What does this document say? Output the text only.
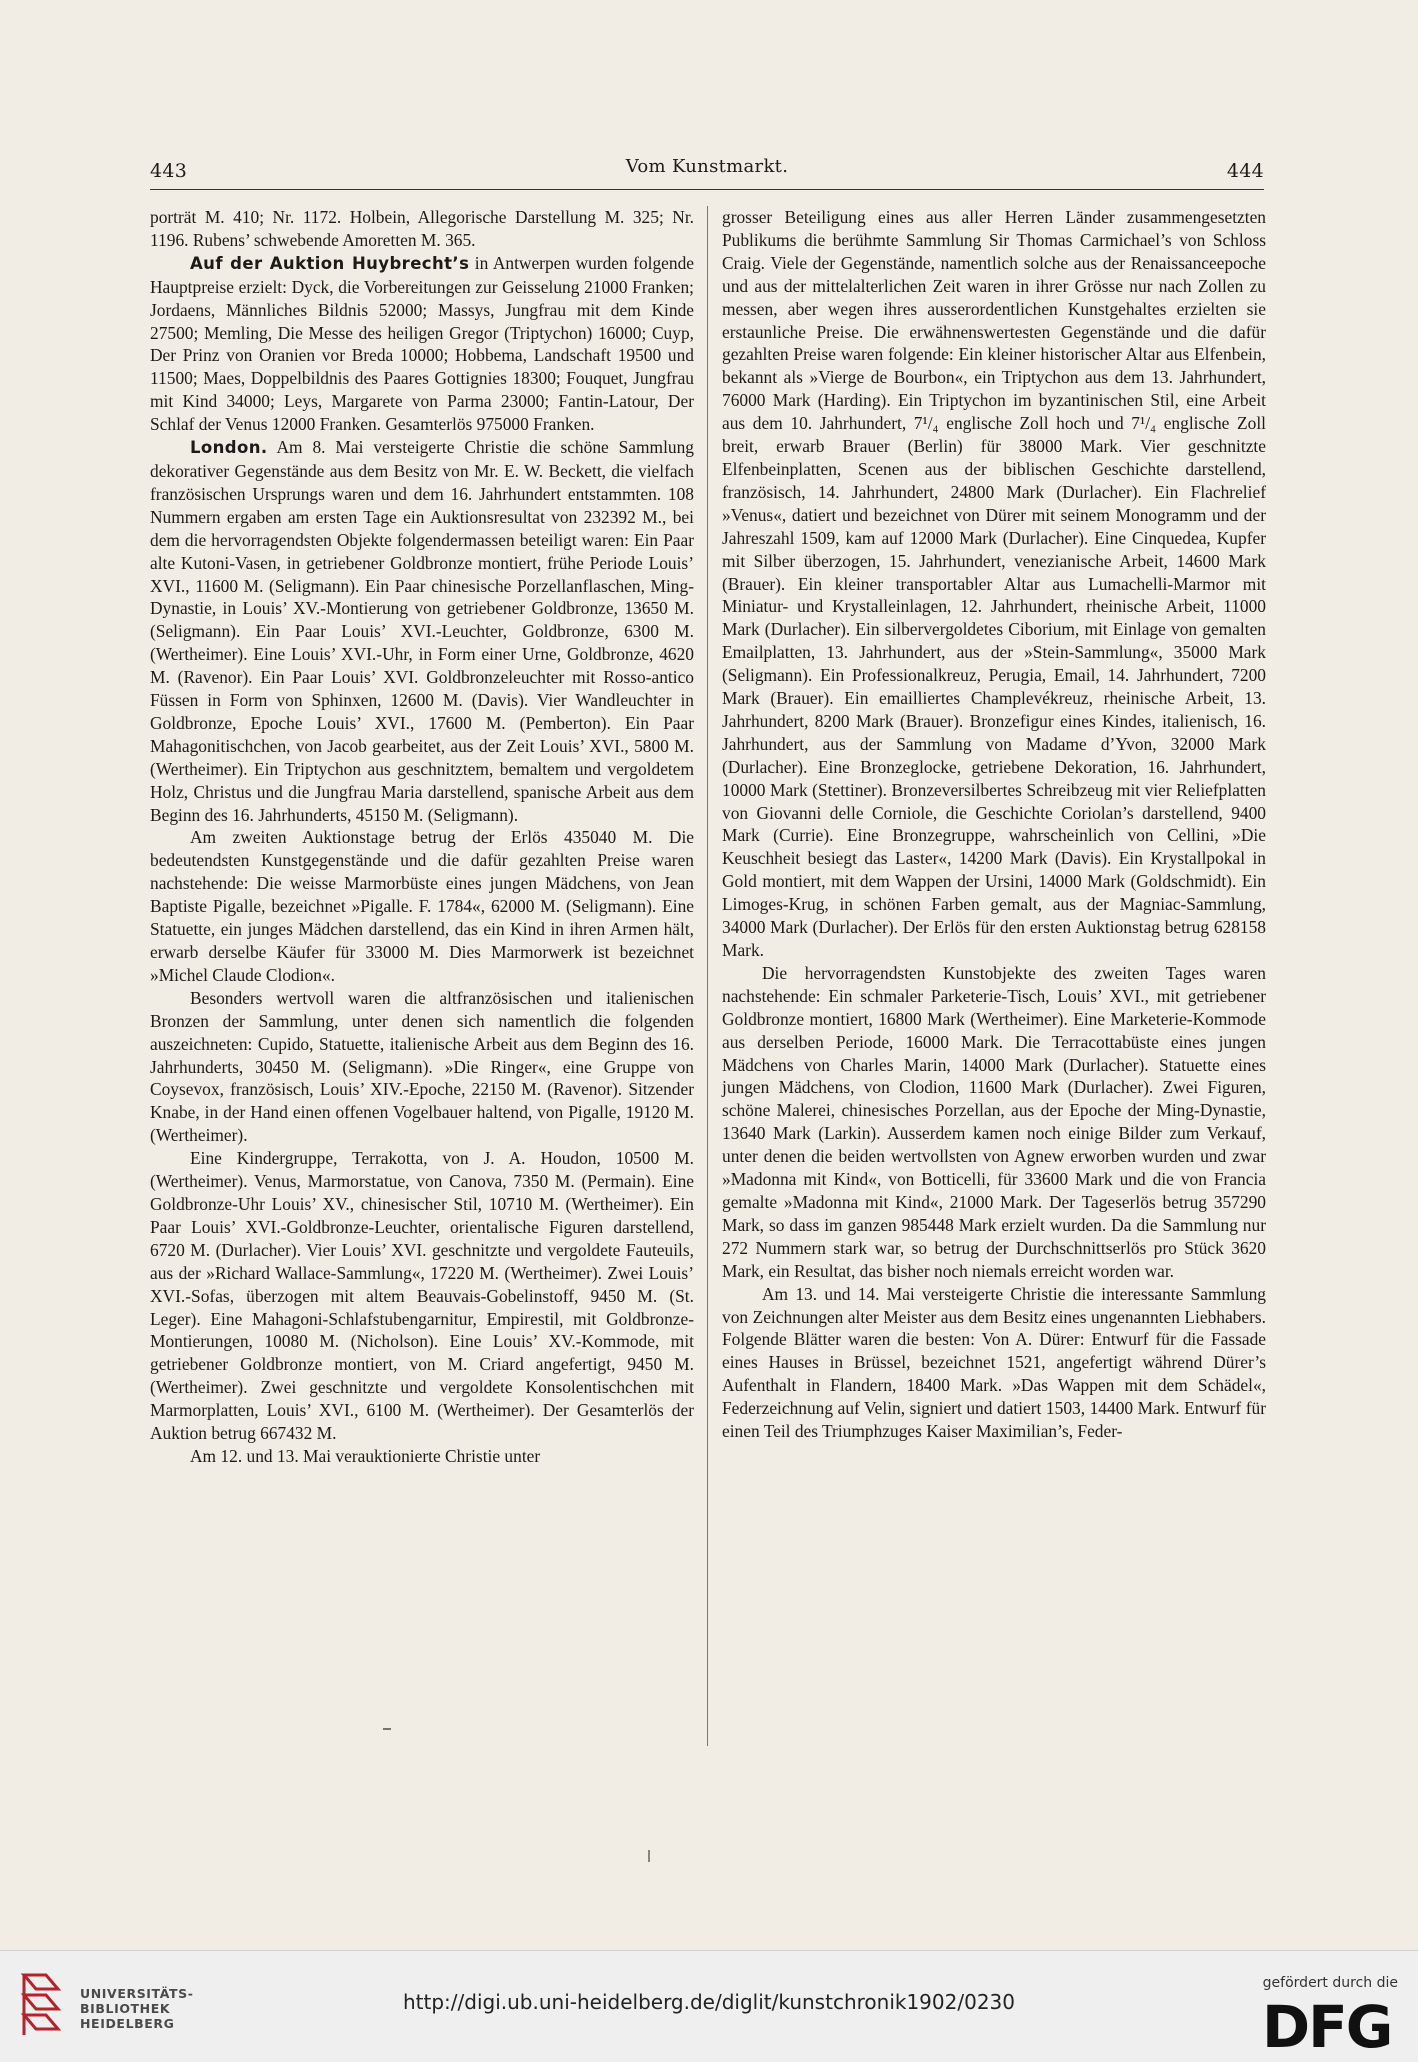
443	Vom Kunstmarkt.	444

porträt M. 410; Nr. 1172. Holbein, Allegorische Darstellung M. 325; Nr. 1196. Rubens’ schwebende Amoretten M. 365.

Auf der Auktion Huybrecht’s in Antwerpen wurden folgende Hauptpreise erzielt: Dyck, die Vorbereitungen zur Geisselung 21000 Franken; Jordaens, Männliches Bildnis 52000; Massys, Jungfrau mit dem Kinde 27500; Memling, Die Messe des heiligen Gregor (Triptychon) 16000; Cuyp, Der Prinz von Oranien vor Breda 10000; Hobbema, Landschaft 19500 und 11500; Maes, Doppelbildnis des Paares Gottignies 18300; Fouquet, Jungfrau mit Kind 34000; Leys, Margarete von Parma 23000; Fantin-Latour, Der Schlaf der Venus 12000 Franken. Gesamterlös 975000 Franken.

London. Am 8. Mai versteigerte Christie die schöne Sammlung dekorativer Gegenstände aus dem Besitz von Mr. E. W. Beckett, die vielfach französischen Ursprungs waren und dem 16. Jahrhundert entstammten. 108 Nummern ergaben am ersten Tage ein Auktionsresultat von 232392 M., bei dem die hervorragendsten Objekte folgendermassen beteiligt waren: Ein Paar alte Kutoni-Vasen, in getriebener Goldbronze montiert, frühe Periode Louis’ XVI., 11600 M. (Seligmann). Ein Paar chinesische Porzellanflaschen, Ming-Dynastie, in Louis’ XV.-Montierung von getriebener Goldbronze, 13650 M. (Seligmann). Ein Paar Louis’ XVI.-Leuchter, Goldbronze, 6300 M. (Wertheimer). Eine Louis’ XVI.-Uhr, in Form einer Urne, Goldbronze, 4620 M. (Ravenor). Ein Paar Louis’ XVI. Goldbronzeleuchter mit Rosso-antico Füssen in Form von Sphinxen, 12600 M. (Davis). Vier Wandleuchter in Goldbronze, Epoche Louis’ XVI., 17600 M. (Pemberton). Ein Paar Mahagonitischchen, von Jacob gearbeitet, aus der Zeit Louis’ XVI., 5800 M. (Wertheimer). Ein Triptychon aus geschnitztem, bemaltem und vergoldetem Holz, Christus und die Jungfrau Maria darstellend, spanische Arbeit aus dem Beginn des 16. Jahrhunderts, 45150 M. (Seligmann).

Am zweiten Auktionstage betrug der Erlös 435040 M. Die bedeutendsten Kunstgegenstände und die dafür gezahlten Preise waren nachstehende: Die weisse Marmorbüste eines jungen Mädchens, von Jean Baptiste Pigalle, bezeichnet »Pigalle. F. 1784«, 62000 M. (Seligmann). Eine Statuette, ein junges Mädchen darstellend, das ein Kind in ihren Armen hält, erwarb derselbe Käufer für 33000 M. Dies Marmorwerk ist bezeichnet »Michel Claude Clodion«.

Besonders wertvoll waren die altfranzösischen und italienischen Bronzen der Sammlung, unter denen sich namentlich die folgenden auszeichneten: Cupido, Statuette, italienische Arbeit aus dem Beginn des 16. Jahrhunderts, 30450 M. (Seligmann). »Die Ringer«, eine Gruppe von Coysevox, französisch, Louis’ XIV.-Epoche, 22150 M. (Ravenor). Sitzender Knabe, in der Hand einen offenen Vogelbauer haltend, von Pigalle, 19120 M. (Wertheimer).

Eine Kindergruppe, Terrakotta, von J. A. Houdon, 10500 M. (Wertheimer). Venus, Marmorstatue, von Canova, 7350 M. (Permain). Eine Goldbronze-Uhr Louis’ XV., chinesischer Stil, 10710 M. (Wertheimer). Ein Paar Louis’ XVI.-Goldbronze-Leuchter, orientalische Figuren darstellend, 6720 M. (Durlacher). Vier Louis’ XVI. geschnitzte und vergoldete Fauteuils, aus der »Richard Wallace-Sammlung«, 17220 M. (Wertheimer). Zwei Louis’ XVI.-Sofas, überzogen mit altem Beauvais-Gobelinstoff, 9450 M. (St. Leger). Eine Mahagoni-Schlafstubengarnitur, Empirestil, mit Goldbronze-Montierungen, 10080 M. (Nicholson). Eine Louis’ XV.-Kommode, mit getriebener Goldbronze montiert, von M. Criard angefertigt, 9450 M. (Wertheimer). Zwei geschnitzte und vergoldete Konsolentischchen mit Marmorplatten, Louis’ XVI., 6100 M. (Wertheimer). Der Gesamterlös der Auktion betrug 667432 M.

Am 12. und 13. Mai verauktionierte Christie unter

grosser Beteiligung eines aus aller Herren Länder zusammengesetzten Publikums die berühmte Sammlung Sir Thomas Carmichael’s von Schloss Craig. Viele der Gegenstände, namentlich solche aus der Renaissanceepoche und aus der mittelalterlichen Zeit waren in ihrer Grösse nur nach Zollen zu messen, aber wegen ihres ausserordentlichen Kunstgehaltes erzielten sie erstaunliche Preise. Die erwähnenswertesten Gegenstände und die dafür gezahlten Preise waren folgende: Ein kleiner historischer Altar aus Elfenbein, bekannt als »Vierge de Bourbon«, ein Triptychon aus dem 13. Jahrhundert, 76000 Mark (Harding). Ein Triptychon im byzantinischen Stil, eine Arbeit aus dem 10. Jahrhundert, 7¹/₄ englische Zoll hoch und 7¹/₄ englische Zoll breit, erwarb Brauer (Berlin) für 38000 Mark. Vier geschnitzte Elfenbeinplatten, Scenen aus der biblischen Geschichte darstellend, französisch, 14. Jahrhundert, 24800 Mark (Durlacher). Ein Flachrelief »Venus«, datiert und bezeichnet von Dürer mit seinem Monogramm und der Jahreszahl 1509, kam auf 12000 Mark (Durlacher). Eine Cinquedea, Kupfer mit Silber überzogen, 15. Jahrhundert, venezianische Arbeit, 14600 Mark (Brauer). Ein kleiner transportabler Altar aus Lumachelli-Marmor mit Miniatur- und Krystalleinlagen, 12. Jahrhundert, rheinische Arbeit, 11000 Mark (Durlacher). Ein silbervergoldetes Ciborium, mit Einlage von gemalten Emailplatten, 13. Jahrhundert, aus der »Stein-Sammlung«, 35000 Mark (Seligmann). Ein Professionalkreuz, Perugia, Email, 14. Jahrhundert, 7200 Mark (Brauer). Ein emailliertes Champlevékreuz, rheinische Arbeit, 13. Jahrhundert, 8200 Mark (Brauer). Bronzefigur eines Kindes, italienisch, 16. Jahrhundert, aus der Sammlung von Madame d’Yvon, 32000 Mark (Durlacher). Eine Bronzeglocke, getriebene Dekoration, 16. Jahrhundert, 10000 Mark (Stettiner). Bronzeversilbertes Schreibzeug mit vier Reliefplatten von Giovanni delle Corniole, die Geschichte Coriolan’s darstellend, 9400 Mark (Currie). Eine Bronzegruppe, wahrscheinlich von Cellini, »Die Keuschheit besiegt das Laster«, 14200 Mark (Davis). Ein Krystallpokal in Gold montiert, mit dem Wappen der Ursini, 14000 Mark (Goldschmidt). Ein Limoges-Krug, in schönen Farben gemalt, aus der Magniac-Sammlung, 34000 Mark (Durlacher). Der Erlös für den ersten Auktionstag betrug 628158 Mark.

Die hervorragendsten Kunstobjekte des zweiten Tages waren nachstehende: Ein schmaler Parketerie-Tisch, Louis’ XVI., mit getriebener Goldbronze montiert, 16800 Mark (Wertheimer). Eine Marketerie-Kommode aus derselben Periode, 16000 Mark. Die Terracottabüste eines jungen Mädchens von Charles Marin, 14000 Mark (Durlacher). Statuette eines jungen Mädchens, von Clodion, 11600 Mark (Durlacher). Zwei Figuren, schöne Malerei, chinesisches Porzellan, aus der Epoche der Ming-Dynastie, 13640 Mark (Larkin). Ausserdem kamen noch einige Bilder zum Verkauf, unter denen die beiden wertvollsten von Agnew erworben wurden und zwar »Madonna mit Kind«, von Botticelli, für 33600 Mark und die von Francia gemalte »Madonna mit Kind«, 21000 Mark. Der Tageserlös betrug 357290 Mark, so dass im ganzen 985448 Mark erzielt wurden. Da die Sammlung nur 272 Nummern stark war, so betrug der Durchschnittserlös pro Stück 3620 Mark, ein Resultat, das bisher noch niemals erreicht worden war.

Am 13. und 14. Mai versteigerte Christie die interessante Sammlung von Zeichnungen alter Meister aus dem Besitz eines ungenannten Liebhabers. Folgende Blätter waren die besten: Von A. Dürer: Entwurf für die Fassade eines Hauses in Brüssel, bezeichnet 1521, angefertigt während Dürer’s Aufenthalt in Flandern, 18400 Mark. »Das Wappen mit dem Schädel«, Federzeichnung auf Velin, signiert und datiert 1503, 14400 Mark. Entwurf für einen Teil des Triumphzuges Kaiser Maximilian’s, Feder-

UNIVERSITÄTS-
BIBLIOTHEK
HEIDELBERG
http://digi.ub.uni-heidelberg.de/diglit/kunstchronik1902/0230
gefördert durch die
DFG
